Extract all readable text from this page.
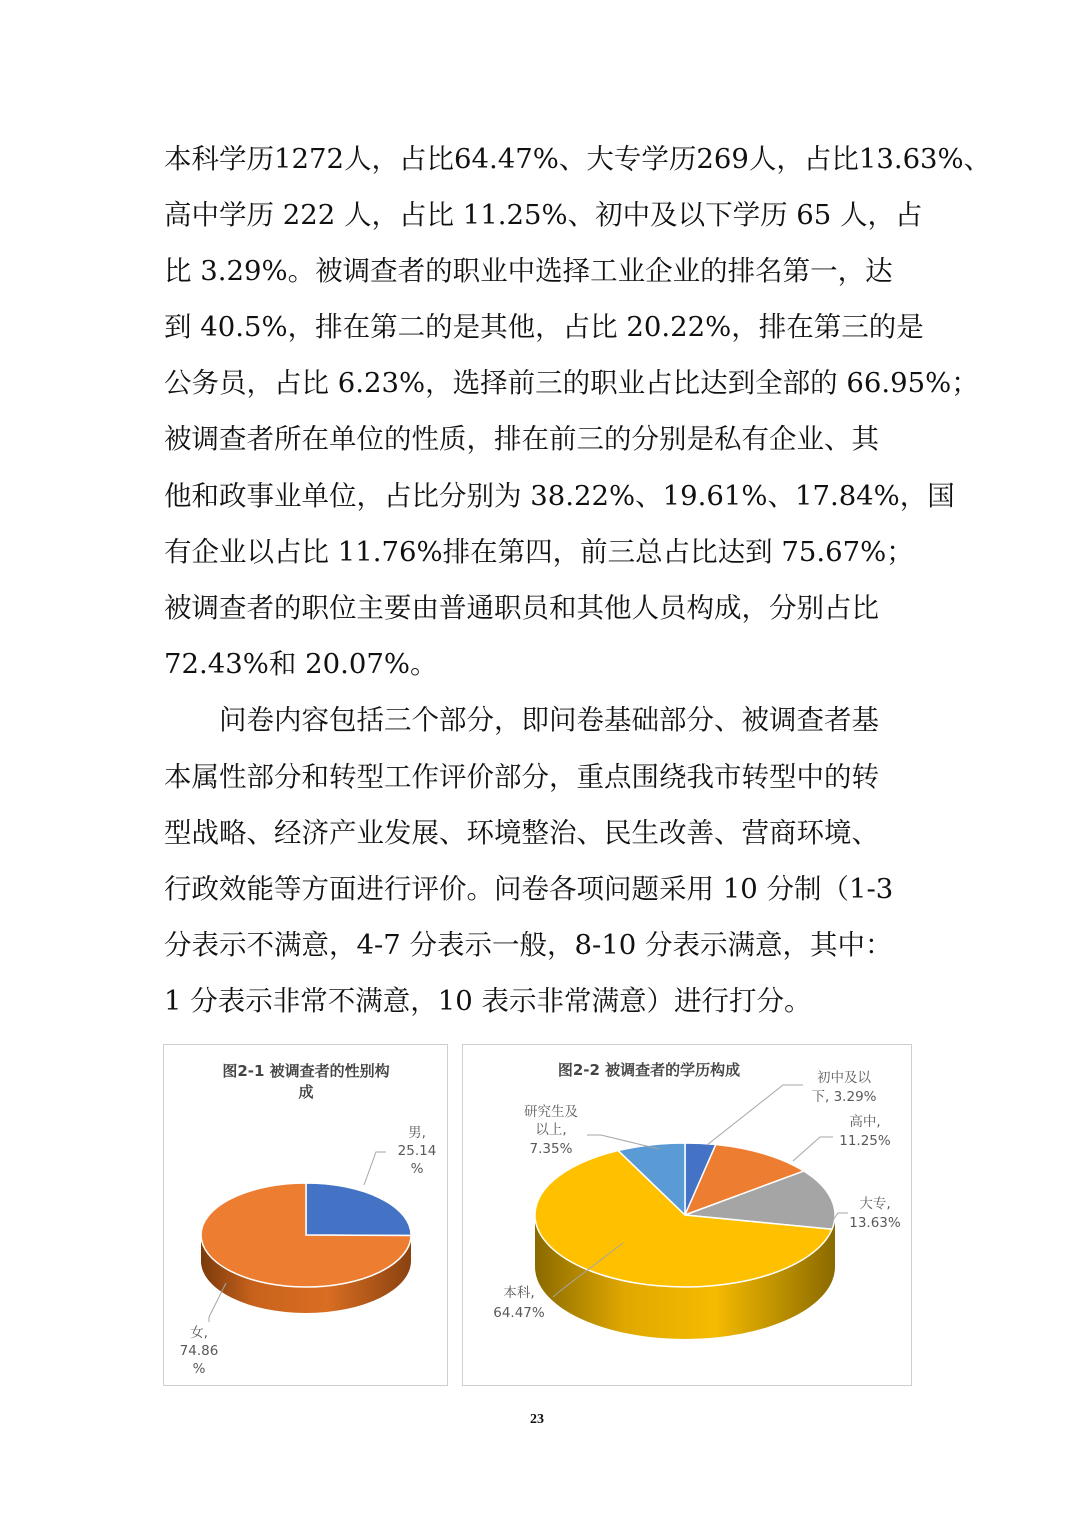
本科学历1272人，占比64.47%、大专学历269人，占比13.63%、
高中学历 222 人，占比 11.25%、初中及以下学历 65 人，占
比 3.29%。被调查者的职业中选择工业企业的排名第一，达
到 40.5%，排在第二的是其他，占比 20.22%，排在第三的是
公务员，占比 6.23%，选择前三的职业占比达到全部的 66.95%；
被调查者所在单位的性质，排在前三的分别是私有企业、其
他和政事业单位，占比分别为 38.22%、19.61%、17.84%，国
有企业以占比 11.76%排在第四，前三总占比达到 75.67%；
被调查者的职位主要由普通职员和其他人员构成，分别占比
72.43%和 20.07%。
　　问卷内容包括三个部分，即问卷基础部分、被调查者基
本属性部分和转型工作评价部分，重点围绕我市转型中的转
型战略、经济产业发展、环境整治、民生改善、营商环境、
行政效能等方面进行评价。问卷各项问题采用 10 分制（1-3
分表示不满意，4-7 分表示一般，8-10 分表示满意，其中：
1 分表示非常不满意，10 表示非常满意）进行打分。
图2-1 被调查者的性别构
成
男,
25.14
%
女,
74.86
%
图2-2 被调查者的学历构成	初中及以
下, 3.29%
高中,
11.25%
大专,
13.63%
本科,
64.47%
研究生及
以上,
7.35%
23
